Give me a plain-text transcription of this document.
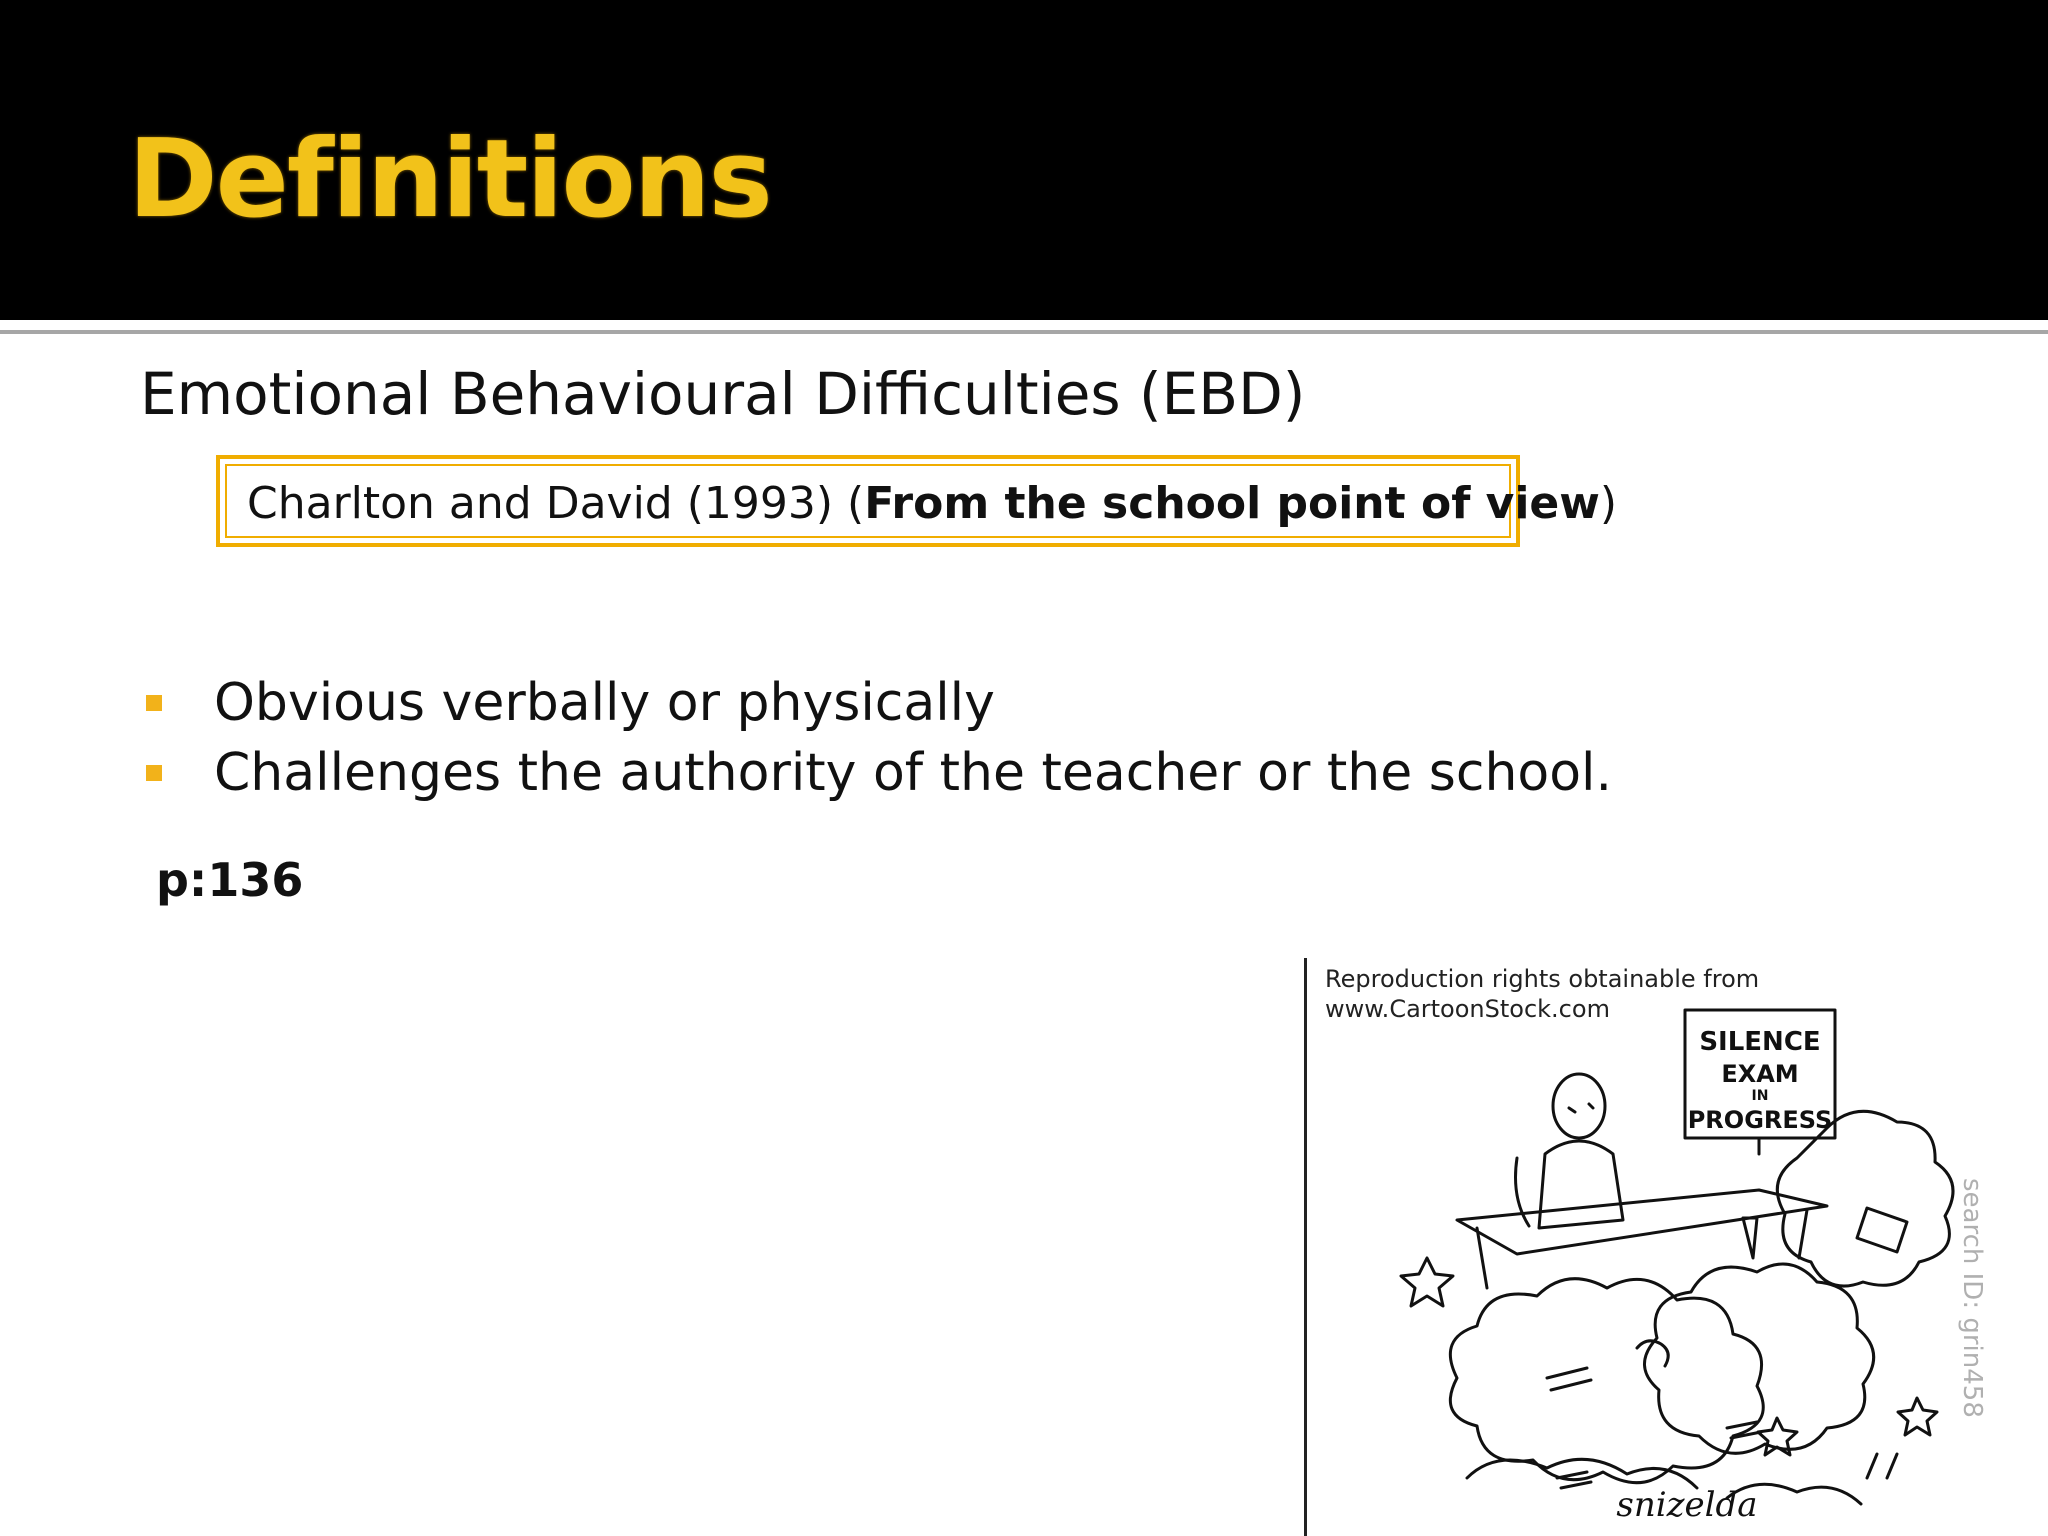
Definitions
Emotional Behavioural Difficulties (EBD)
Charlton and David (1993) (From the school point of view)
Obvious verbally or physically
Challenges the authority of the teacher or the school.
p:136
Reproduction rights obtainable from
www.CartoonStock.com
SILENCE
EXAM
IN
PROGRESS
snizelda
search ID: grin458
